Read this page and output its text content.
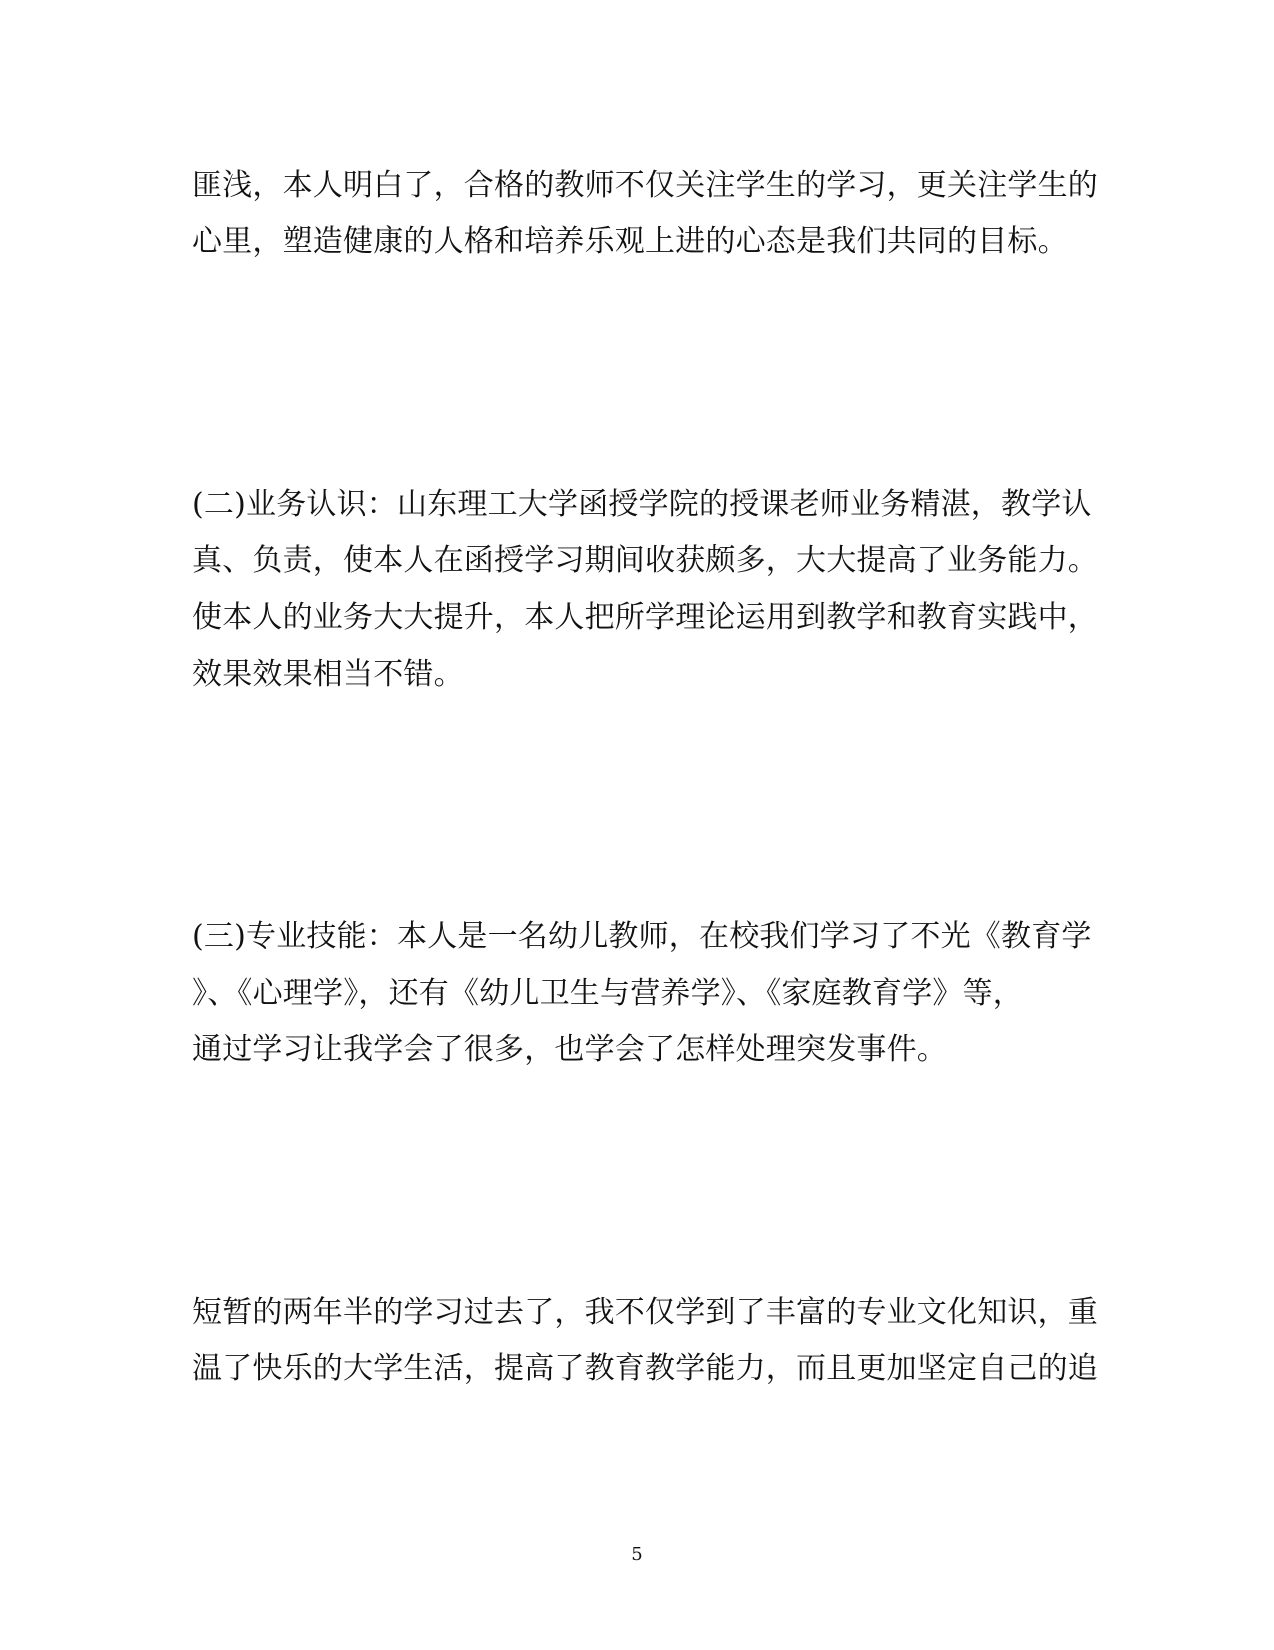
匪浅，本人明白了，合格的教师不仅关注学生的学习，更关注学生的
心里，塑造健康的人格和培养乐观上进的心态是我们共同的目标。
(二)业务认识：山东理工大学函授学院的授课老师业务精湛，教学认
真、负责，使本人在函授学习期间收获颇多，大大提高了业务能力。
使本人的业务大大提升，本人把所学理论运用到教学和教育实践中，
效果效果相当不错。
(三)专业技能：本人是一名幼儿教师，在校我们学习了不光《教育学
》、《心理学》，还有《幼儿卫生与营养学》、《家庭教育学》等，
通过学习让我学会了很多，也学会了怎样处理突发事件。
短暂的两年半的学习过去了，我不仅学到了丰富的专业文化知识，重
温了快乐的大学生活，提高了教育教学能力，而且更加坚定自己的追
5
